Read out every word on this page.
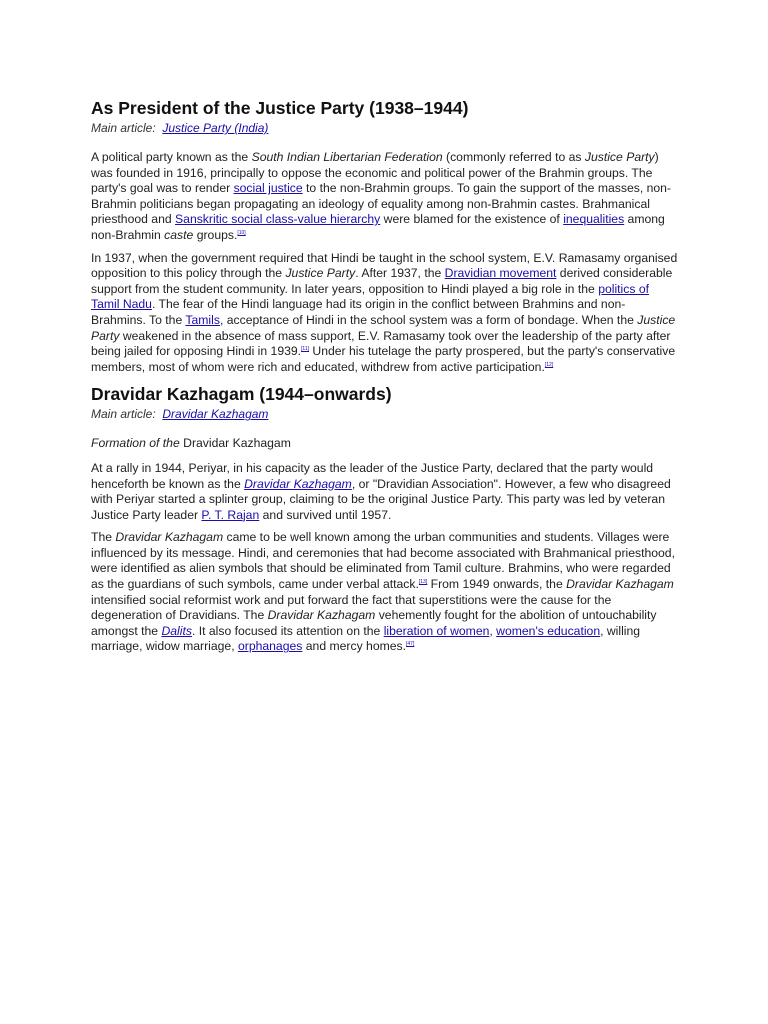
As President of the Justice Party (1938–1944)
Main article: Justice Party (India)

A political party known as the South Indian Libertarian Federation (commonly referred to as Justice Party) was founded in 1916, principally to oppose the economic and political power of the Brahmin groups. The party's goal was to render social justice to the non-Brahmin groups. To gain the support of the masses, non-Brahmin politicians began propagating an ideology of equality among non-Brahmin castes. Brahmanical priesthood and Sanskritic social class-value hierarchy were blamed for the existence of inequalities among non-Brahmin caste groups.[10]

In 1937, when the government required that Hindi be taught in the school system, E.V. Ramasamy organised opposition to this policy through the Justice Party. After 1937, the Dravidian movement derived considerable support from the student community. In later years, opposition to Hindi played a big role in the politics of Tamil Nadu. The fear of the Hindi language had its origin in the conflict between Brahmins and non-Brahmins. To the Tamils, acceptance of Hindi in the school system was a form of bondage. When the Justice Party weakened in the absence of mass support, E.V. Ramasamy took over the leadership of the party after being jailed for opposing Hindi in 1939.[11] Under his tutelage the party prospered, but the party's conservative members, most of whom were rich and educated, withdrew from active participation.[12]

Dravidar Kazhagam (1944–onwards)
Main article: Dravidar Kazhagam

Formation of the Dravidar Kazhagam

At a rally in 1944, Periyar, in his capacity as the leader of the Justice Party, declared that the party would henceforth be known as the Dravidar Kazhagam, or "Dravidian Association". However, a few who disagreed with Periyar started a splinter group, claiming to be the original Justice Party. This party was led by veteran Justice Party leader P. T. Rajan and survived until 1957.

The Dravidar Kazhagam came to be well known among the urban communities and students. Villages were influenced by its message. Hindi, and ceremonies that had become associated with Brahmanical priesthood, were identified as alien symbols that should be eliminated from Tamil culture. Brahmins, who were regarded as the guardians of such symbols, came under verbal attack.[13] From 1949 onwards, the Dravidar Kazhagam intensified social reformist work and put forward the fact that superstitions were the cause for the degeneration of Dravidians. The Dravidar Kazhagam vehemently fought for the abolition of untouchability amongst the Dalits. It also focused its attention on the liberation of women, women's education, willing marriage, widow marriage, orphanages and mercy homes.[47]
